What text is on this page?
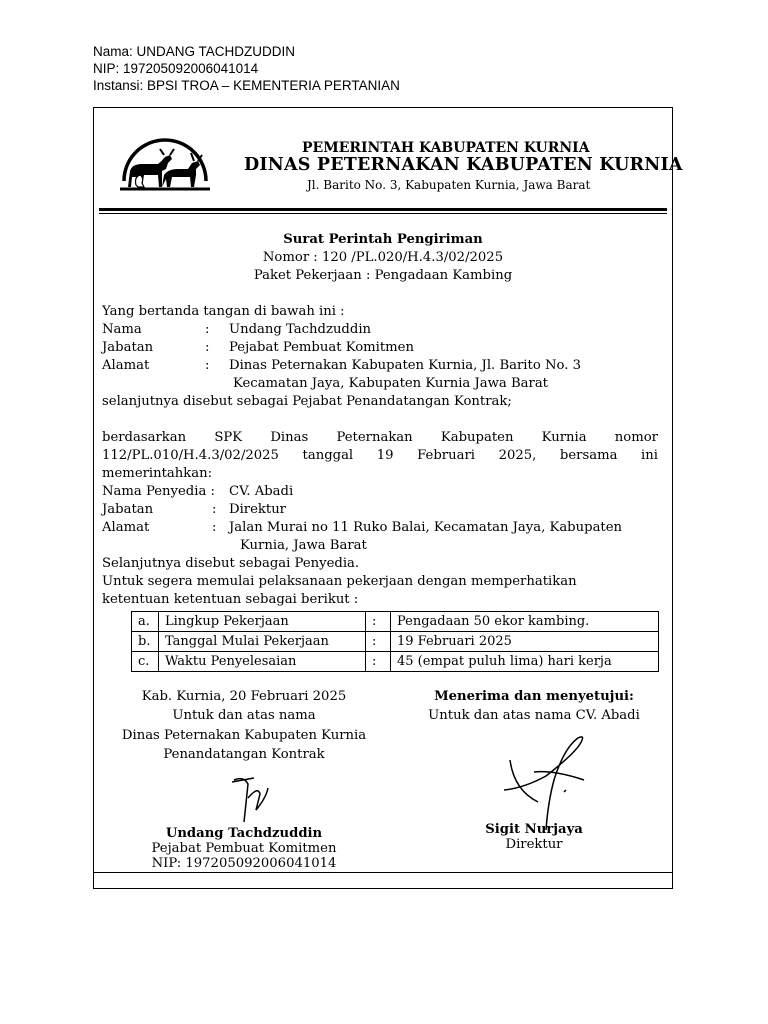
Nama: UNDANG TACHDZUDDIN
NIP: 197205092006041014
Instansi: BPSI TROA – KEMENTERIA PERTANIAN
PEMERINTAH KABUPATEN KURNIA
DINAS PETERNAKAN KABUPATEN KURNIA
Jl. Barito No. 3, Kabupaten Kurnia, Jawa Barat
Surat Perintah Pengiriman
Nomor : 120 /PL.020/H.4.3/02/2025
Paket Pekerjaan : Pengadaan Kambing
Yang bertanda tangan di bawah ini :
Nama	: Undang Tachdzuddin
Jabatan	: Pejabat Pembuat Komitmen
Alamat	: Dinas Peternakan Kabupaten Kurnia, Jl. Barito No. 3
Kecamatan Jaya, Kabupaten Kurnia Jawa Barat
selanjutnya disebut sebagai Pejabat Penandatangan Kontrak;
berdasarkan SPK Dinas Peternakan Kabupaten Kurnia nomor
112/PL.010/H.4.3/02/2025 tanggal 19 Februari 2025, bersama ini
memerintahkan:
Nama Penyedia : CV. Abadi
Jabatan	: Direktur
Alamat	: Jalan Murai no 11 Ruko Balai, Kecamatan Jaya, Kabupaten
Kurnia, Jawa Barat
Selanjutnya disebut sebagai Penyedia.
Untuk segera memulai pelaksanaan pekerjaan dengan memperhatikan
ketentuan ketentuan sebagai berikut :
a.	Lingkup Pekerjaan	:	Pengadaan 50 ekor kambing.
b.	Tanggal Mulai Pekerjaan	:	19 Februari 2025
c.	Waktu Penyelesaian	:	45 (empat puluh lima) hari kerja
Kab. Kurnia, 20 Februari 2025
Untuk dan atas nama
Dinas Peternakan Kabupaten Kurnia
Penandatangan Kontrak
Undang Tachdzuddin
Pejabat Pembuat Komitmen
NIP: 197205092006041014
Menerima dan menyetujui:
Untuk dan atas nama CV. Abadi
Sigit Nurjaya
Direktur
